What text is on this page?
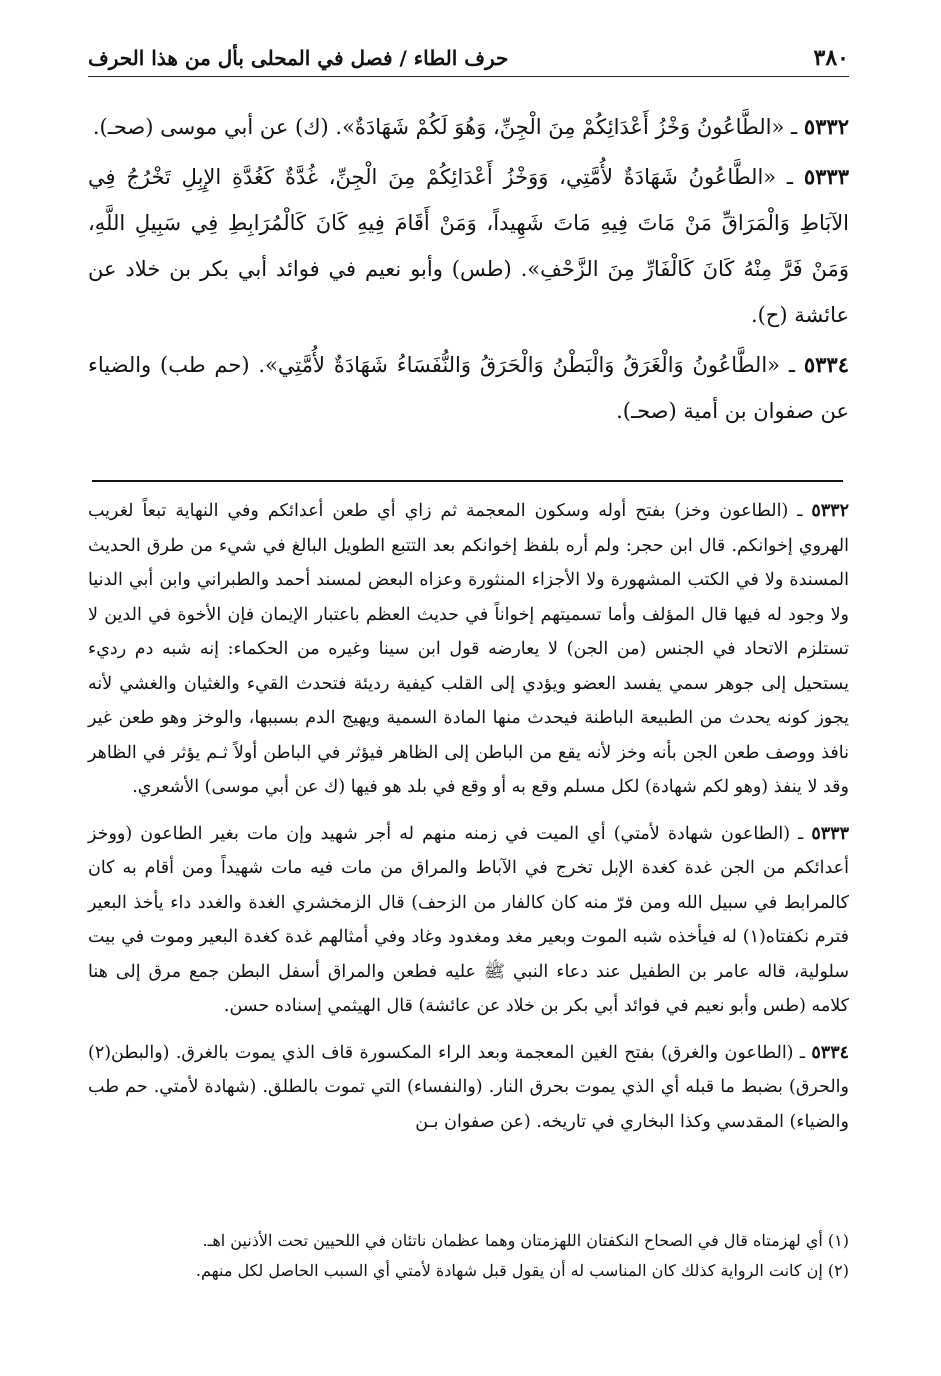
٣٨٠
حرف الطاء / فصل في المحلى بأل من هذا الحرف

٥٣٣٢ ـ «الطَّاعُونُ وَخْزُ أَعْدَائِكُمْ مِنَ الْجِنِّ، وَهُوَ لَكُمْ شَهَادَةٌ». (ك) عن أبي موسى (صحـ).

٥٣٣٣ ـ «الطَّاعُونُ شَهَادَةٌ لأُمَّتِي، وَوَخْزُ أَعْدَائِكُمْ مِنَ الْجِنِّ، غُدَّةٌ كَغُدَّةِ الإِبِلِ تَخْرُجُ فِي الآبَاطِ وَالْمَرَاقِّ مَنْ مَاتَ فِيهِ مَاتَ شَهِيداً، وَمَنْ أَقَامَ فِيهِ كَانَ كَالْمُرَابِطِ فِي سَبِيلِ اللَّهِ، وَمَنْ فَرَّ مِنْهُ كَانَ كَالْفَارِّ مِنَ الزَّحْفِ». (طس) وأبو نعيم في فوائد أبي بكر بن خلاد عن عائشة (ح).

٥٣٣٤ ـ «الطَّاعُونُ وَالْغَرَقُ وَالْبَطْنُ وَالْحَرَقُ وَالنُّفَسَاءُ شَهَادَةٌ لأُمَّتِي». (حم طب) والضياء عن صفوان بن أمية (صحـ).

٥٣٣٢ ـ (الطاعون وخز) بفتح أوله وسكون المعجمة ثم زاي أي طعن أعدائكم وفي النهاية تبعاً لغريب الهروي إخوانكم. قال ابن حجر: ولم أره بلفظ إخوانكم بعد التتبع الطويل البالغ في شيء من طرق الحديث المسندة ولا في الكتب المشهورة ولا الأجزاء المنثورة وعزاه البعض لمسند أحمد والطبراني وابن أبي الدنيا ولا وجود له فيها قال المؤلف وأما تسميتهم إخواناً في حديث العظم باعتبار الإيمان فإن الأخوة في الدين لا تستلزم الاتحاد في الجنس (من الجن) لا يعارضه قول ابن سينا وغيره من الحكماء: إنه شبه دم رديء يستحيل إلى جوهر سمي يفسد العضو ويؤدي إلى القلب كيفية رديئة فتحدث القيء والغثيان والغشي لأنه يجوز كونه يحدث من الطبيعة الباطنة فيحدث منها المادة السمية ويهيج الدم بسببها، والوخز وهو طعن غير نافذ ووصف طعن الجن بأنه وخز لأنه يقع من الباطن إلى الظاهر فيؤثر في الباطن أولاً ثـم يؤثر في الظاهر وقد لا ينفذ (وهو لكم شهادة) لكل مسلم وقع به أو وقع في بلد هو فيها (ك عن أبي موسى) الأشعري.

٥٣٣٣ ـ (الطاعون شهادة لأمتي) أي الميت في زمنه منهم له أجر شهيد وإن مات بغير الطاعون (ووخز أعدائكم من الجن غدة كغدة الإبل تخرج في الآباط والمراق من مات فيه مات شهيداً ومن أقام به كان كالمرابط في سبيل الله ومن فرّ منه كان كالفار من الزحف) قال الزمخشري الغدة والغدد داء يأخذ البعير فترم نكفتاه(١) له فيأخذه شبه الموت وبعير مغد ومغدود وغاد وفي أمثالهم غدة كغدة البعير وموت في بيت سلولية، قاله عامر بن الطفيل عند دعاء النبي ﷺ عليه فطعن والمراق أسفل البطن جمع مرق إلى هنا كلامه (طس وأبو نعيم في فوائد أبي بكر بن خلاد عن عائشة) قال الهيثمي إسناده حسن.

٥٣٣٤ ـ (الطاعون والغرق) بفتح الغين المعجمة وبعد الراء المكسورة قاف الذي يموت بالغرق. (والبطن(٢) والحرق) بضبط ما قبله أي الذي يموت بحرق النار. (والنفساء) التي تموت بالطلق. (شهادة لأمتي. حم طب والضياء) المقدسي وكذا البخاري في تاريخه. (عن صفوان بـن

(١) أي لهزمتاه قال في الصحاح النكفتان اللهزمتان وهما عظمان ناتئان في اللحيين تحت الأذنين اهـ.

(٢) إن كانت الرواية كذلك كان المناسب له أن يقول قبل شهادة لأمتي أي السبب الحاصل لكل منهم.
